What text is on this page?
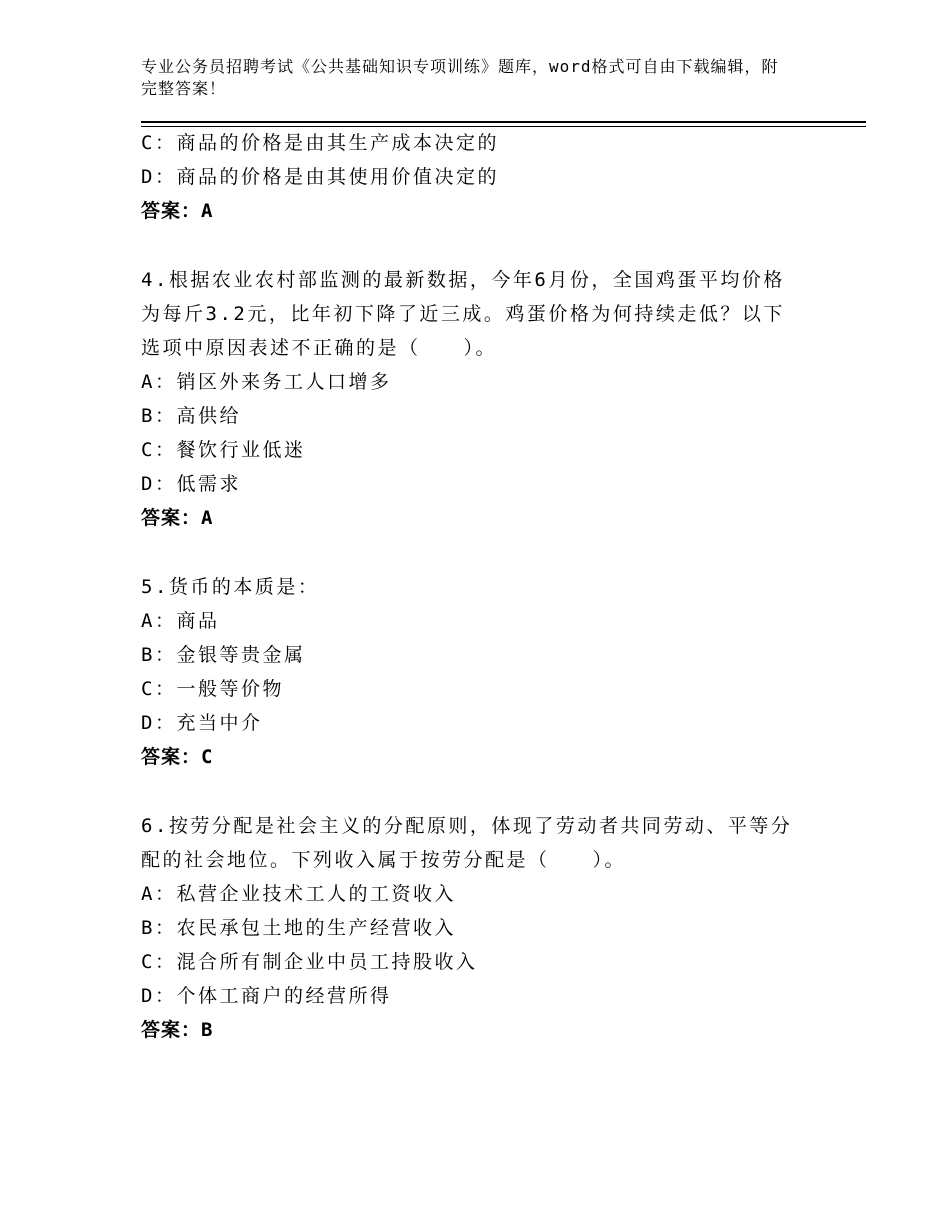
专业公务员招聘考试《公共基础知识专项训练》题库，word格式可自由下载编辑，附完整答案！
C：商品的价格是由其生产成本决定的
D：商品的价格是由其使用价值决定的
答案：A
4.根据农业农村部监测的最新数据，今年6月份，全国鸡蛋平均价格
为每斤3.2元，比年初下降了近三成。鸡蛋价格为何持续走低？以下
选项中原因表述不正确的是（　　）。
A：销区外来务工人口增多
B：高供给
C：餐饮行业低迷
D：低需求
答案：A
5.货币的本质是：
A：商品
B：金银等贵金属
C：一般等价物
D：充当中介
答案：C
6.按劳分配是社会主义的分配原则，体现了劳动者共同劳动、平等分
配的社会地位。下列收入属于按劳分配是（　　）。
A：私营企业技术工人的工资收入
B：农民承包土地的生产经营收入
C：混合所有制企业中员工持股收入
D：个体工商户的经营所得
答案：B
